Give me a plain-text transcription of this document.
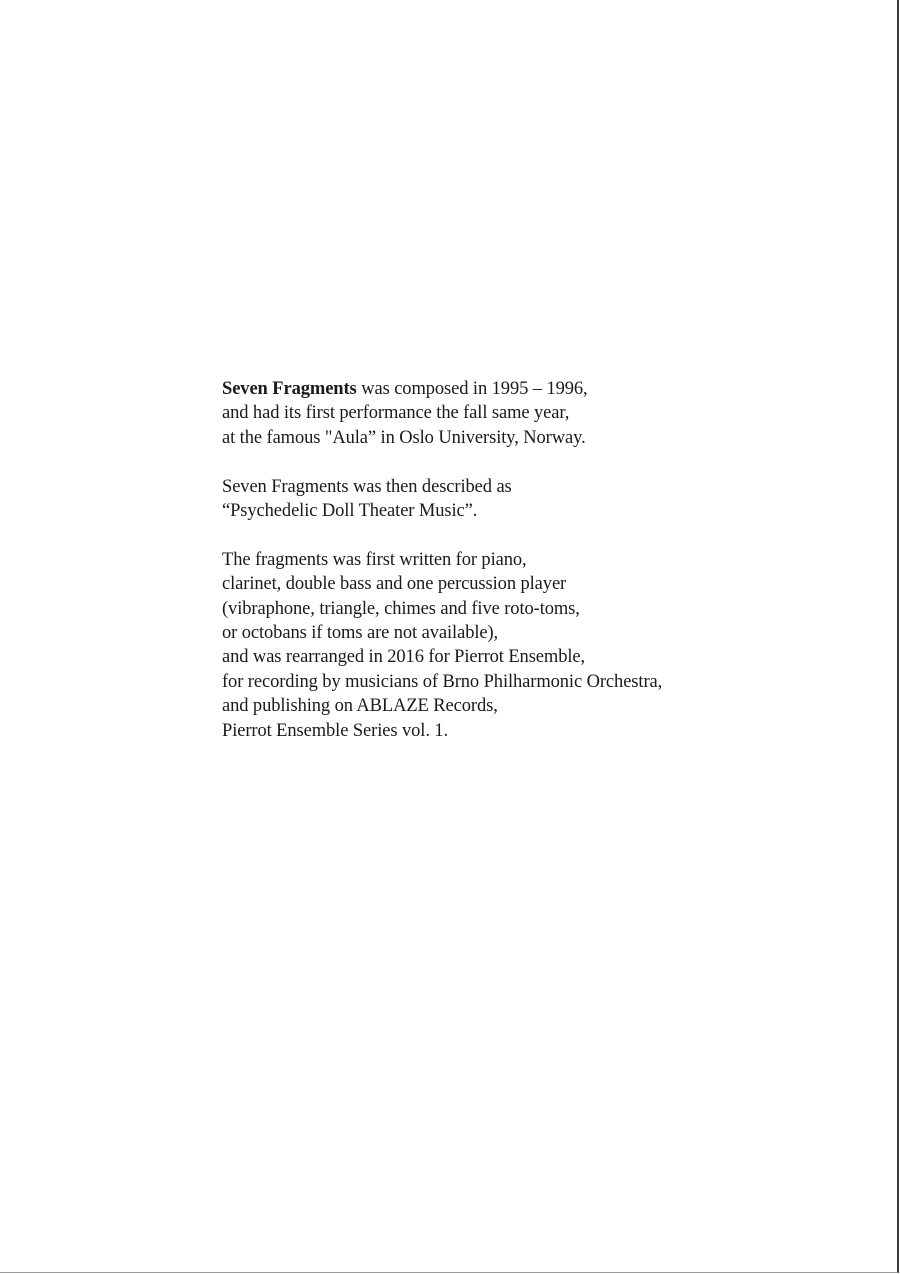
Seven Fragments was composed in 1995 – 1996,
and had its first performance the fall same year,
at the famous "Aula” in Oslo University, Norway.

Seven Fragments was then described as
“Psychedelic Doll Theater Music”.

The fragments was first written for piano,
clarinet, double bass and one percussion player
(vibraphone, triangle, chimes and five roto-toms,
or octobans if toms are not available),
and was rearranged in 2016 for Pierrot Ensemble,
for recording by musicians of Brno Philharmonic Orchestra,
and publishing on ABLAZE Records,
Pierrot Ensemble Series vol. 1.
